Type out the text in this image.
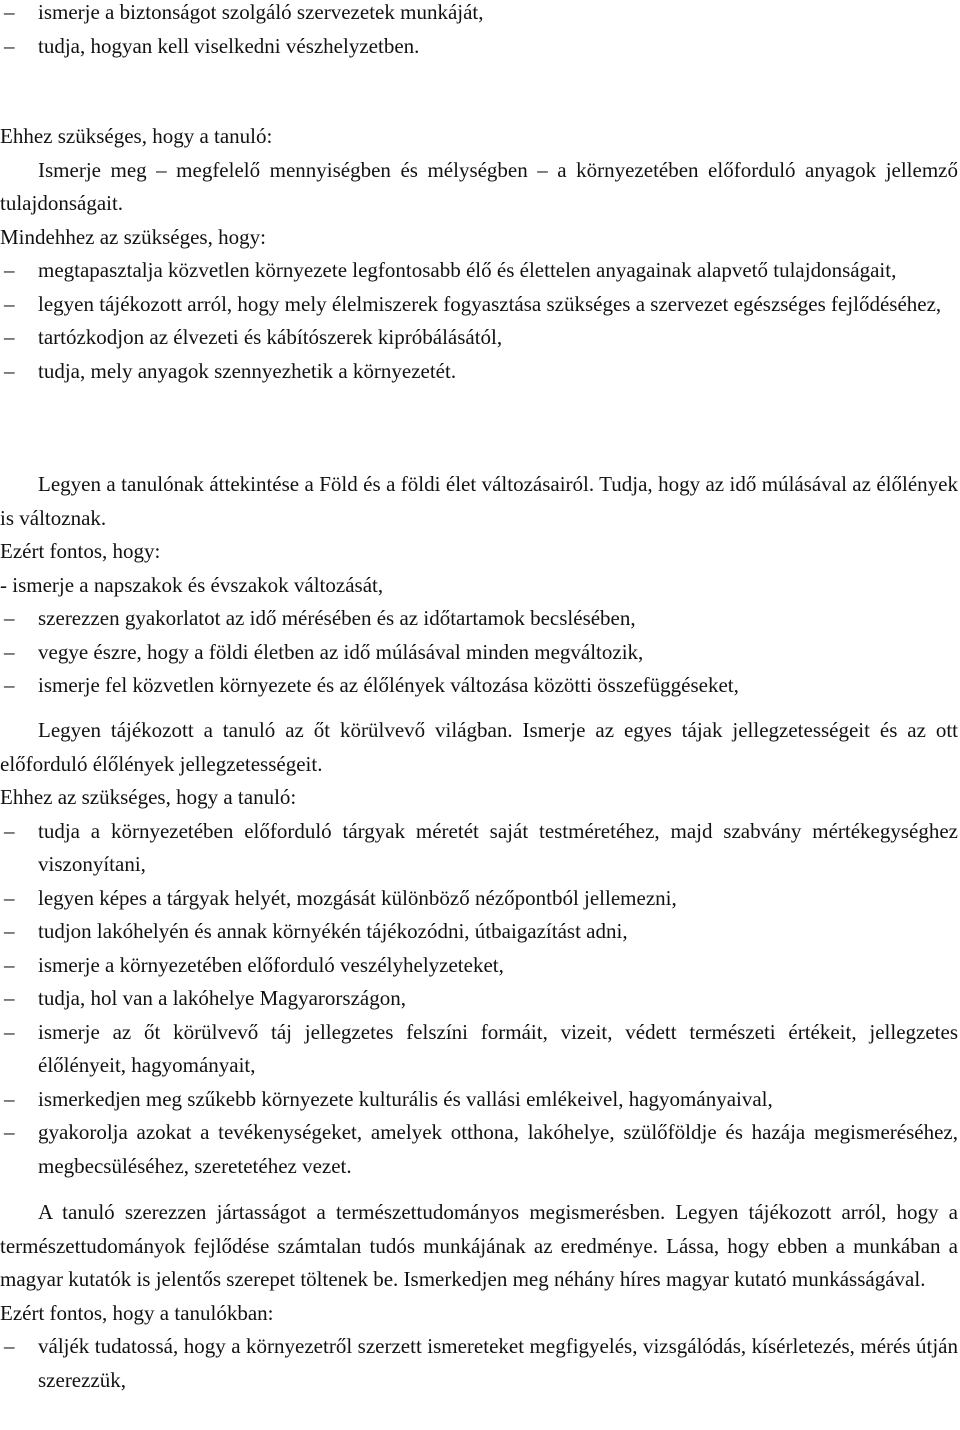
– ismerje a biztonságot szolgáló szervezetek munkáját,
– tudja, hogyan kell viselkedni vészhelyzetben.

Ehhez szükséges, hogy a tanuló:

Ismerje meg – megfelelő mennyiségben és mélységben – a környezetében előforduló anyagok jellemző tulajdonságait.

Mindehhez az szükséges, hogy:

– megtapasztalja közvetlen környezete legfontosabb élő és élettelen anyagainak alapvető tulajdonságait,
– legyen tájékozott arról, hogy mely élelmiszerek fogyasztása szükséges a szervezet egészséges fejlődéséhez,
– tartózkodjon az élvezeti és kábítószerek kipróbálásától,
– tudja, mely anyagok szennyezhetik a környezetét.

Legyen a tanulónak áttekintése a Föld és a földi élet változásairól. Tudja, hogy az idő múlásával az élőlények is változnak.

Ezért fontos, hogy:

- ismerje a napszakok és évszakok változását,

– szerezzen gyakorlatot az idő mérésében és az időtartamok becslésében,
– vegye észre, hogy a földi életben az idő múlásával minden megváltozik,
– ismerje fel közvetlen környezete és az élőlények változása közötti összefüggéseket,

Legyen tájékozott a tanuló az őt körülvevő világban. Ismerje az egyes tájak jellegzetességeit és az ott előforduló élőlények jellegzetességeit.

Ehhez az szükséges, hogy a tanuló:

– tudja a környezetében előforduló tárgyak méretét saját testméretéhez, majd szabvány mértékegységhez viszonyítani,
– legyen képes a tárgyak helyét, mozgását különböző nézőpontból jellemezni,
– tudjon lakóhelyén és annak környékén tájékozódni, útbaigazítást adni,
– ismerje a környezetében előforduló veszélyhelyzeteket,
– tudja, hol van a lakóhelye Magyarországon,
– ismerje az őt körülvevő táj jellegzetes felszíni formáit, vizeit, védett természeti értékeit, jellegzetes élőlényeit, hagyományait,
– ismerkedjen meg szűkebb környezete kulturális és vallási emlékeivel, hagyományaival,
– gyakorolja azokat a tevékenységeket, amelyek otthona, lakóhelye, szülőföldje és hazája megismeréséhez, megbecsüléséhez, szeretetéhez vezet.

A tanuló szerezzen jártasságot a természettudományos megismerésben. Legyen tájékozott arról, hogy a természettudományok fejlődése számtalan tudós munkájának az eredménye. Lássa, hogy ebben a munkában a magyar kutatók is jelentős szerepet töltenek be. Ismerkedjen meg néhány híres magyar kutató munkásságával.

Ezért fontos, hogy a tanulókban:

– váljék tudatossá, hogy a környezetről szerzett ismereteket megfigyelés, vizsgálódás, kísérletezés, mérés útján szerezzük,
